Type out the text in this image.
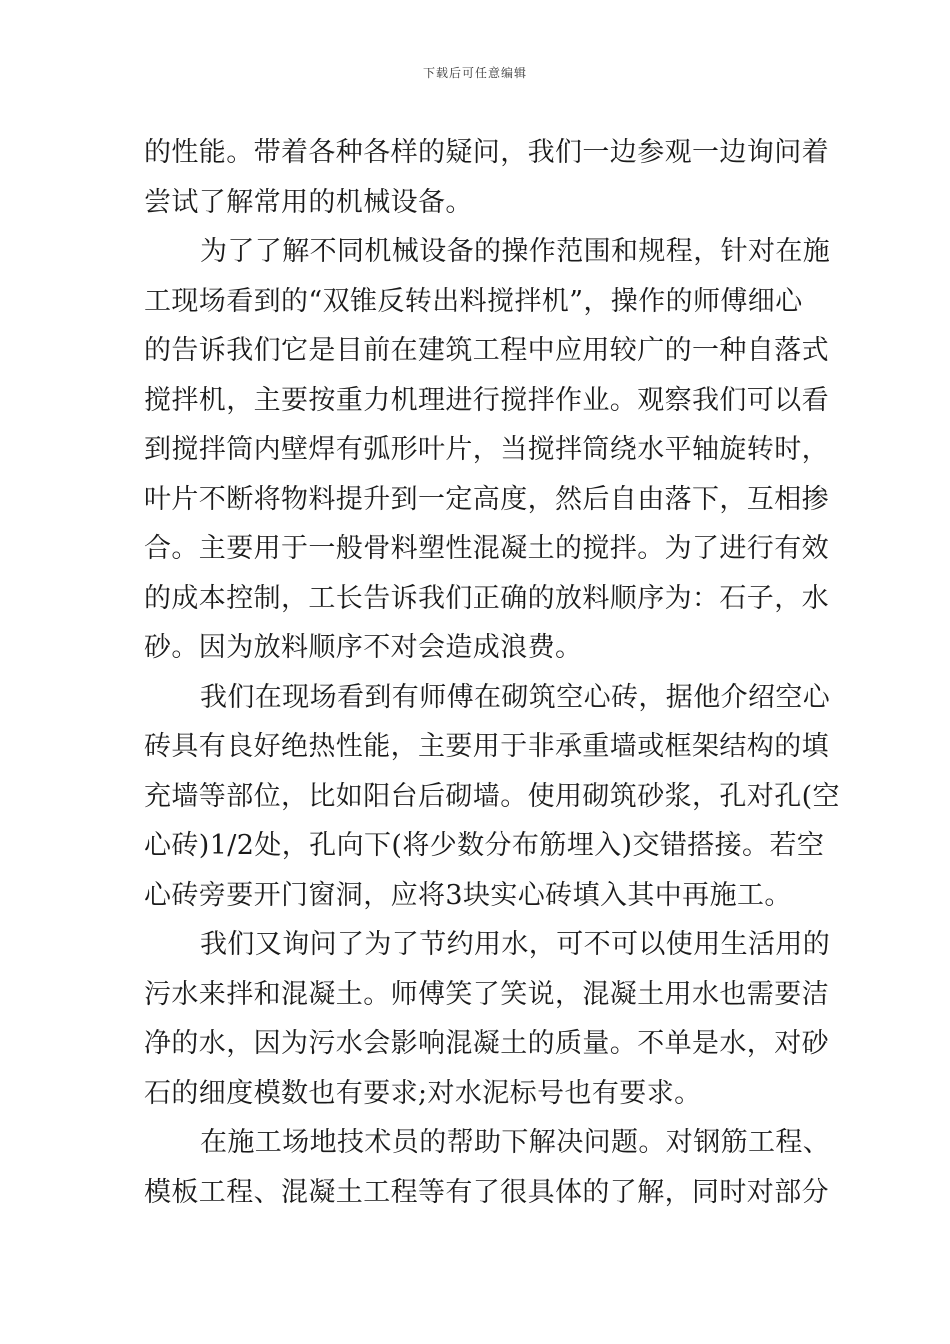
下载后可任意编辑
的性能。带着各种各样的疑问，我们一边参观一边询问着
尝试了解常用的机械设备。
为了了解不同机械设备的操作范围和规程，针对在施
工现场看到的“双锥反转出料搅拌机”，操作的师傅细心
的告诉我们它是目前在建筑工程中应用较广的一种自落式
搅拌机，主要按重力机理进行搅拌作业。观察我们可以看
到搅拌筒内壁焊有弧形叶片，当搅拌筒绕水平轴旋转时，
叶片不断将物料提升到一定高度，然后自由落下，互相掺
合。主要用于一般骨料塑性混凝土的搅拌。为了进行有效
的成本控制，工长告诉我们正确的放料顺序为：石子，水
砂。因为放料顺序不对会造成浪费。
我们在现场看到有师傅在砌筑空心砖，据他介绍空心
砖具有良好绝热性能，主要用于非承重墙或框架结构的填
充墙等部位，比如阳台后砌墙。使用砌筑砂浆，孔对孔(空
心砖)1/2处，孔向下(将少数分布筋埋入)交错搭接。若空
心砖旁要开门窗洞，应将3块实心砖填入其中再施工。
我们又询问了为了节约用水，可不可以使用生活用的
污水来拌和混凝土。师傅笑了笑说，混凝土用水也需要洁
净的水，因为污水会影响混凝土的质量。不单是水，对砂
石的细度模数也有要求;对水泥标号也有要求。
在施工场地技术员的帮助下解决问题。对钢筋工程、
模板工程、混凝土工程等有了很具体的了解，同时对部分
